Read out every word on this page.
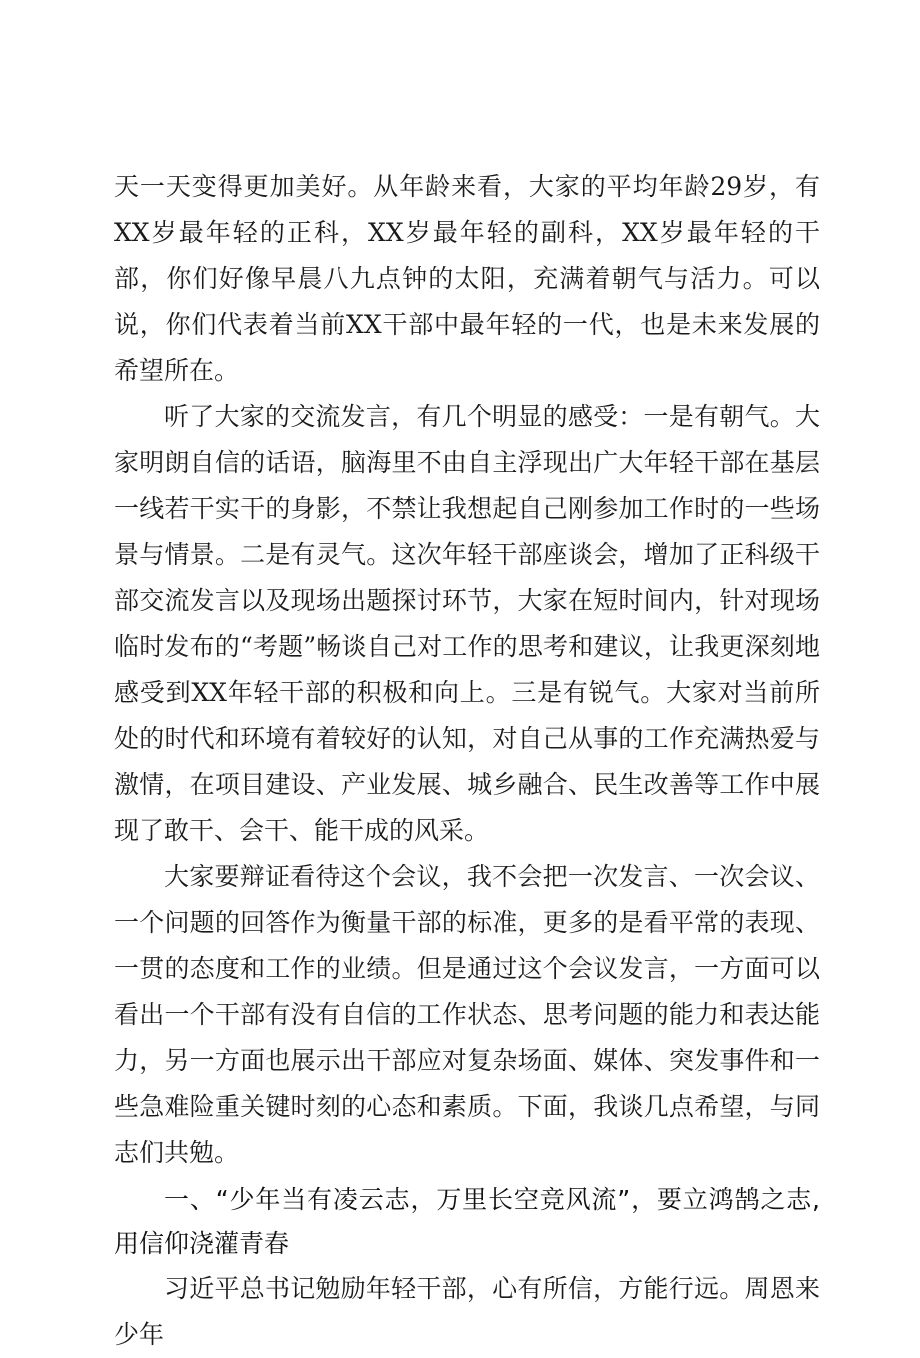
天一天变得更加美好。从年龄来看，大家的平均年龄29岁，有XX岁最年轻的正科，XX岁最年轻的副科，XX岁最年轻的干部，你们好像早晨八九点钟的太阳，充满着朝气与活力。可以说，你们代表着当前XX干部中最年轻的一代，也是未来发展的希望所在。

听了大家的交流发言，有几个明显的感受：一是有朝气。大家明朗自信的话语，脑海里不由自主浮现出广大年轻干部在基层一线若干实干的身影，不禁让我想起自己刚参加工作时的一些场景与情景。二是有灵气。这次年轻干部座谈会，增加了正科级干部交流发言以及现场出题探讨环节，大家在短时间内，针对现场临时发布的“考题”畅谈自己对工作的思考和建议，让我更深刻地感受到XX年轻干部的积极和向上。三是有锐气。大家对当前所处的时代和环境有着较好的认知，对自己从事的工作充满热爱与激情，在项目建设、产业发展、城乡融合、民生改善等工作中展现了敢干、会干、能干成的风采。

大家要辩证看待这个会议，我不会把一次发言、一次会议、一个问题的回答作为衡量干部的标准，更多的是看平常的表现、一贯的态度和工作的业绩。但是通过这个会议发言，一方面可以看出一个干部有没有自信的工作状态、思考问题的能力和表达能力，另一方面也展示出干部应对复杂场面、媒体、突发事件和一些急难险重关键时刻的心态和素质。下面，我谈几点希望，与同志们共勉。

一、“少年当有凌云志，万里长空竞风流”，要立鸿鹄之志,用信仰浇灌青春

习近平总书记勉励年轻干部，心有所信，方能行远。周恩来少年
